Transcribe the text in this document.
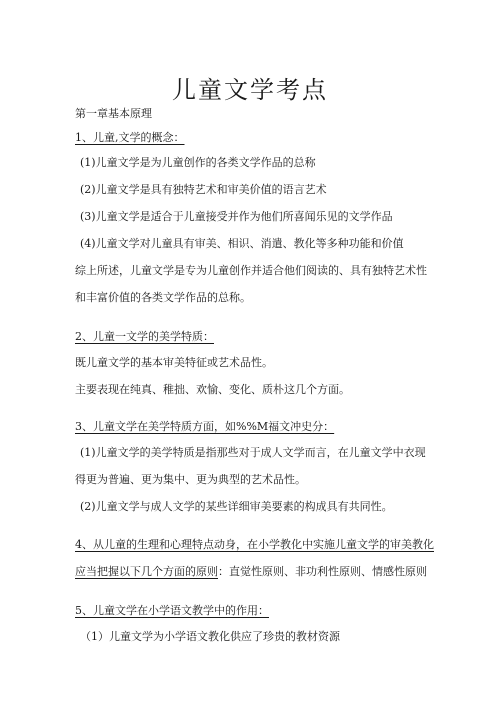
儿童文学考点
第一章基本原理
1、儿童,文学的概念：
(1)儿童文学是为儿童创作的各类文学作品的总称
(2)儿童文学是具有独特艺术和审美价值的语言艺术
(3)儿童文学是适合于儿童接受并作为他们所喜闻乐见的文学作品
(4)儿童文学对儿童具有审美、相识、消遣、教化等多种功能和价值
综上所述，儿童文学是专为儿童创作并适合他们阅读的、具有独特艺术性
和丰富价值的各类文学作品的总称。
2、儿童一文学的美学特质：
既儿童文学的基本审美特征或艺术品性。
主要表现在纯真、稚拙、欢愉、变化、质朴这几个方面。
3、儿童文学在美学特质方面，如%%M福文冲史分：
(1)儿童文学的美学特质是指那些对于成人文学而言，在儿童文学中衣现
得更为普遍、更为集中、更为典型的艺术品性。
(2)儿童文学与成人文学的某些详细审美要素的构成具有共同性。
4、从儿童的生理和心理特点动身，在小学教化中实施儿童文学的审美教化
应当把握以下几个方面的原则：直觉性原则、非功利性原则、情感性原则
5、儿童文学在小学语文教学中的作用：
（1）儿童文学为小学语文教化供应了珍贵的教材资源
